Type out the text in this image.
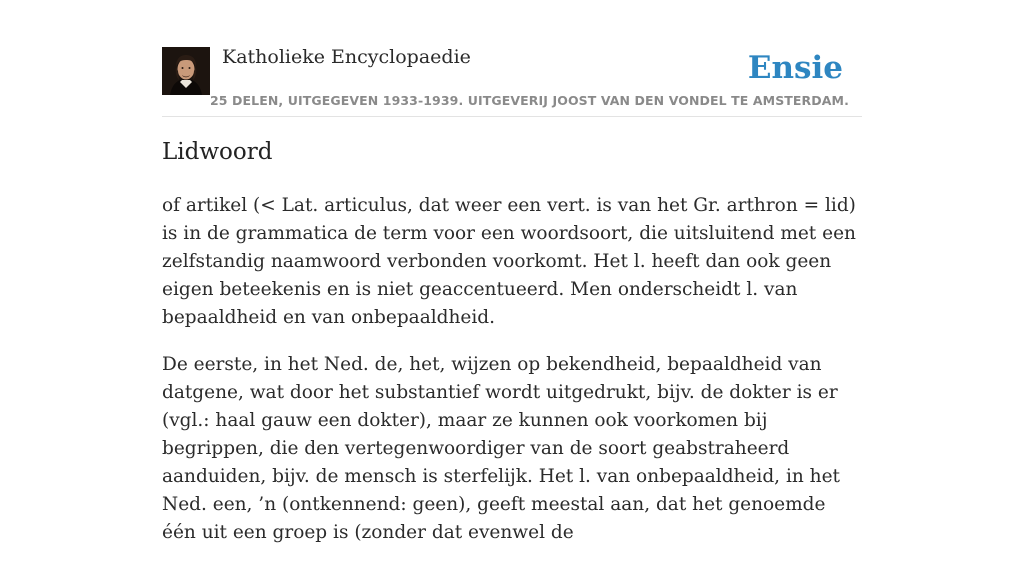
Katholieke Encyclopaedie	Ensie
25 DELEN, UITGEGEVEN 1933-1939. UITGEVERIJ JOOST VAN DEN VONDEL TE AMSTERDAM.
Lidwoord

of artikel (< Lat. articulus, dat weer een vert. is van het Gr. arthron = lid) is in de grammatica de term voor een woordsoort, die uitsluitend met een zelfstandig naamwoord verbonden voorkomt. Het l. heeft dan ook geen eigen beteekenis en is niet geaccentueerd. Men onderscheidt l. van bepaaldheid en van onbepaaldheid.

De eerste, in het Ned. de, het, wijzen op bekendheid, bepaaldheid van datgene, wat door het substantief wordt uitgedrukt, bijv. de dokter is er (vgl.: haal gauw een dokter), maar ze kunnen ook voorkomen bij begrippen, die den vertegenwoordiger van de soort geabstraheerd aanduiden, bijv. de mensch is sterfelijk. Het l. van onbepaaldheid, in het Ned. een, ’n (ontkennend: geen), geeft meestal aan, dat het genoemde één uit een groep is (zonder dat evenwel de
